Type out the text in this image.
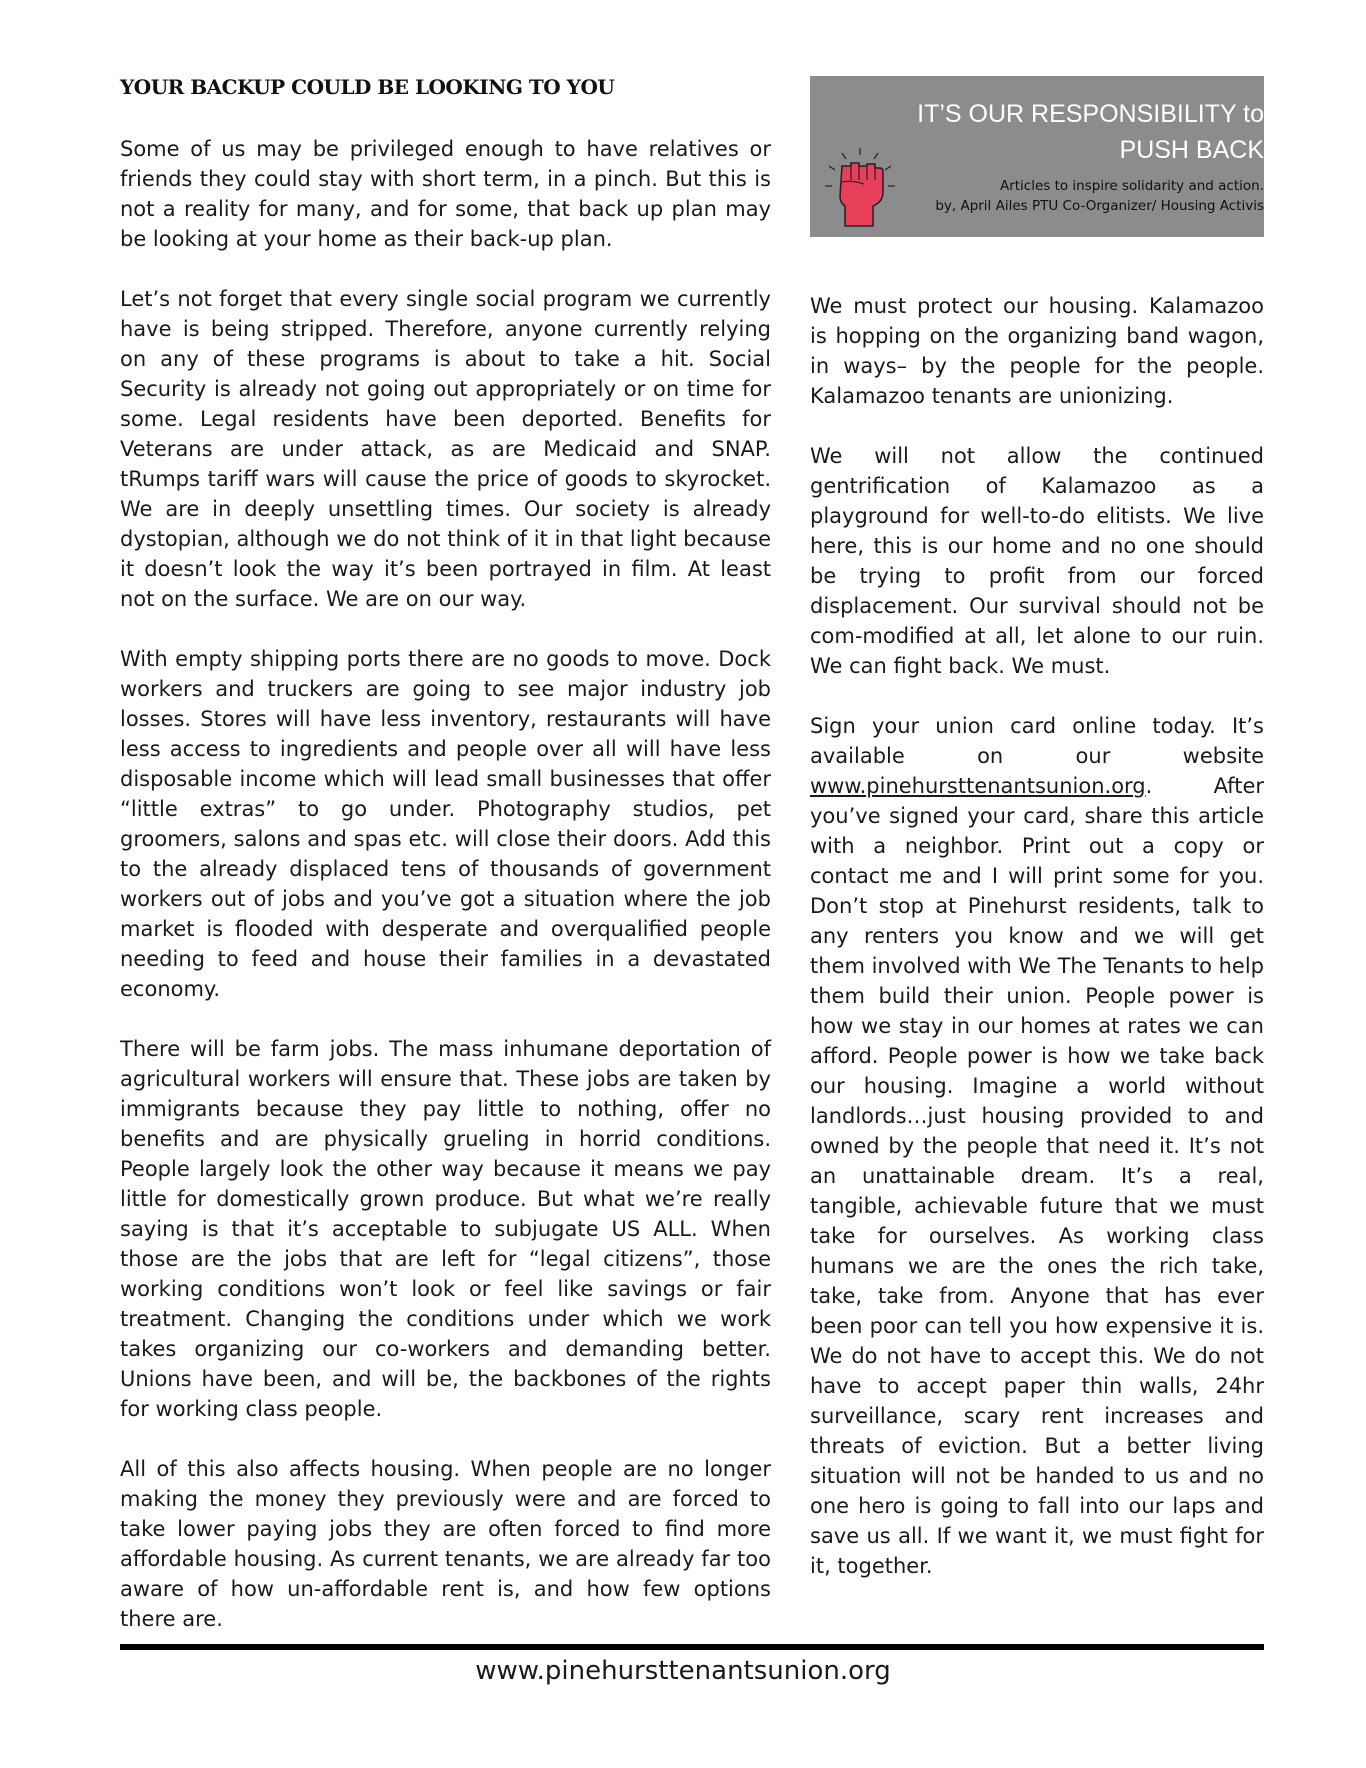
YOUR BACKUP COULD BE LOOKING TO YOU

Some of us may be privileged enough to have relatives or friends they could stay with short term, in a pinch. But this is not a reality for many, and for some, that back up plan may be looking at your home as their back-up plan.

Let’s not forget that every single social program we currently have is being stripped. Therefore, anyone currently relying on any of these programs is about to take a hit. Social Security is already not going out appropriately or on time for some. Legal residents have been deported. Benefits for Veterans are under attack, as are Medicaid and SNAP. tRumps tariff wars will cause the price of goods to skyrocket. We are in deeply unsettling times. Our society is already dystopian, although we do not think of it in that light because it doesn’t look the way it’s been portrayed in film. At least not on the surface. We are on our way.

With empty shipping ports there are no goods to move. Dock workers and truckers are going to see major industry job losses. Stores will have less inventory, restaurants will have less access to ingredients and people over all will have less disposable income which will lead small businesses that offer “little extras” to go under. Photography studios, pet groomers, salons and spas etc. will close their doors. Add this to the already displaced tens of thousands of government workers out of jobs and you’ve got a situation where the job market is flooded with desperate and overqualified people needing to feed and house their families in a devastated economy.

There will be farm jobs. The mass inhumane deportation of agricultural workers will ensure that. These jobs are taken by immigrants because they pay little to nothing, offer no benefits and are physically grueling in horrid conditions. People largely look the other way because it means we pay little for domestically grown produce. But what we’re really saying is that it’s acceptable to subjugate US ALL. When those are the jobs that are left for “legal citizens”, those working conditions won’t look or feel like savings or fair treatment. Changing the conditions under which we work takes organizing our co-workers and demanding better. Unions have been, and will be, the backbones of the rights for working class people.

All of this also affects housing. When people are no longer making the money they previously were and are forced to take lower paying jobs they are often forced to find more affordable housing. As current tenants, we are already far too aware of how un-affordable rent is, and how few options there are.

IT’S OUR RESPONSIBILITY to PUSH BACK
Articles to inspire solidarity and action.
by, April Ailes PTU Co-Organizer/ Housing Activis

We must protect our housing. Kalamazoo is hopping on the organizing band wagon, in ways– by the people for the people. Kalamazoo tenants are unionizing.

We will not allow the continued gentrification of Kalamazoo as a playground for well-to-do elitists. We live here, this is our home and no one should be trying to profit from our forced displacement. Our survival should not be com-modified at all, let alone to our ruin. We can fight back. We must.

Sign your union card online today. It’s available on our website www.pinehursttenantsunion.org. After you’ve signed your card, share this article with a neighbor. Print out a copy or contact me and I will print some for you. Don’t stop at Pinehurst residents, talk to any renters you know and we will get them involved with We The Tenants to help them build their union. People power is how we stay in our homes at rates we can afford. People power is how we take back our housing. Imagine a world without landlords…just housing provided to and owned by the people that need it. It’s not an unattainable dream. It’s a real, tangible, achievable future that we must take for ourselves. As working class humans we are the ones the rich take, take, take from. Anyone that has ever been poor can tell you how expensive it is. We do not have to accept this. We do not have to accept paper thin walls, 24hr surveillance, scary rent increases and threats of eviction. But a better living situation will not be handed to us and no one hero is going to fall into our laps and save us all. If we want it, we must fight for it, together.

www.pinehursttenantsunion.org
